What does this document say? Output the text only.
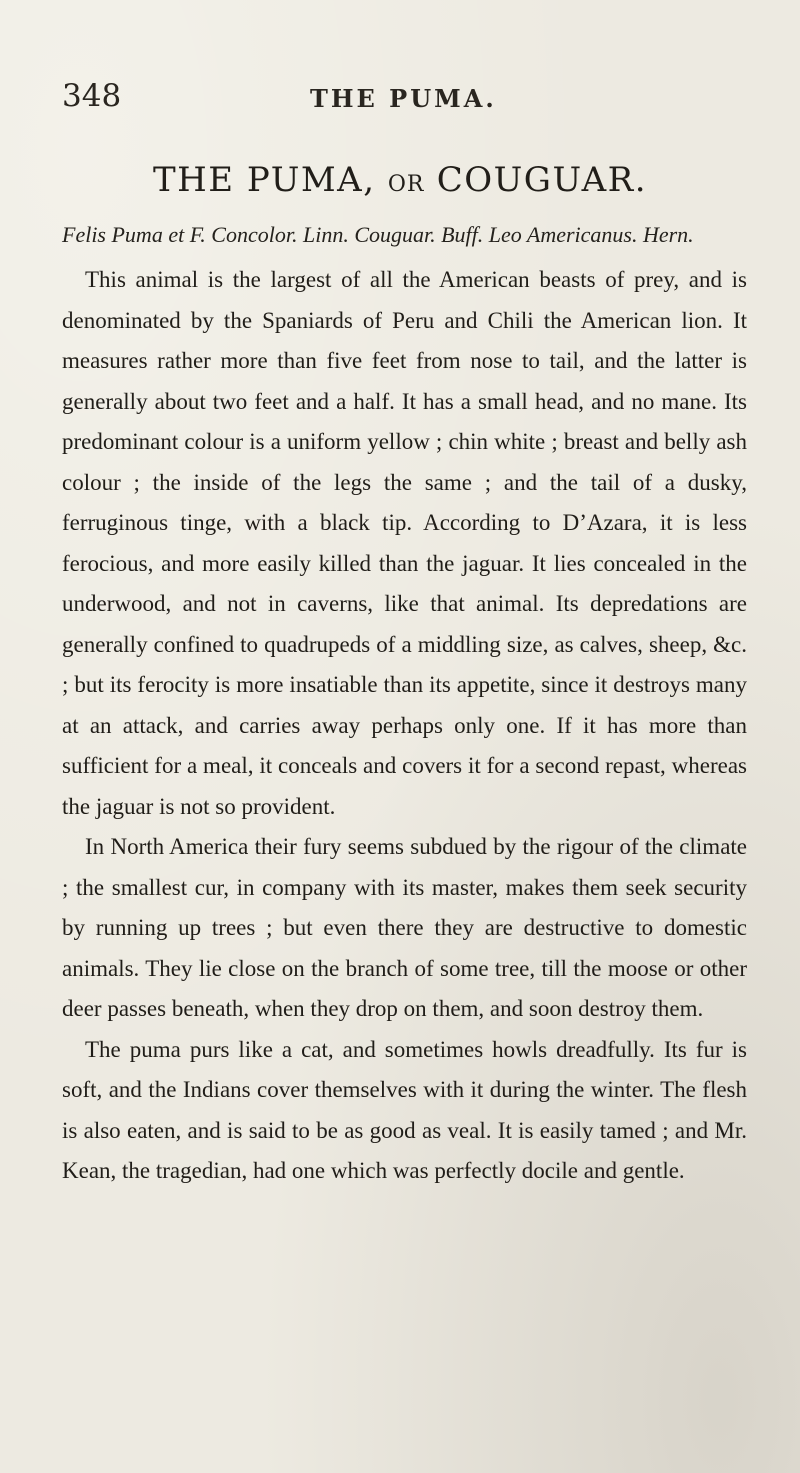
348	THE PUMA.
THE PUMA, OR COUGUAR.
Felis Puma et F. Concolor. Linn. Couguar. Buff. Leo Americanus. Hern.

This animal is the largest of all the American beasts of prey, and is denominated by the Spaniards of Peru and Chili the American lion. It measures rather more than five feet from nose to tail, and the latter is generally about two feet and a half. It has a small head, and no mane. Its predominant colour is a uniform yellow ; chin white ; breast and belly ash colour ; the inside of the legs the same ; and the tail of a dusky, ferruginous tinge, with a black tip. According to D’Azara, it is less ferocious, and more easily killed than the jaguar. It lies concealed in the underwood, and not in caverns, like that animal. Its depredations are generally confined to quadrupeds of a middling size, as calves, sheep, &c. ; but its ferocity is more insatiable than its appetite, since it destroys many at an attack, and carries away perhaps only one. If it has more than sufficient for a meal, it conceals and covers it for a second repast, whereas the jaguar is not so provident.

In North America their fury seems subdued by the rigour of the climate ; the smallest cur, in company with its master, makes them seek security by running up trees ; but even there they are destructive to domestic animals. They lie close on the branch of some tree, till the moose or other deer passes beneath, when they drop on them, and soon destroy them.

The puma purs like a cat, and sometimes howls dreadfully. Its fur is soft, and the Indians cover themselves with it during the winter. The flesh is also eaten, and is said to be as good as veal. It is easily tamed ; and Mr. Kean, the tragedian, had one which was perfectly docile and gentle.
